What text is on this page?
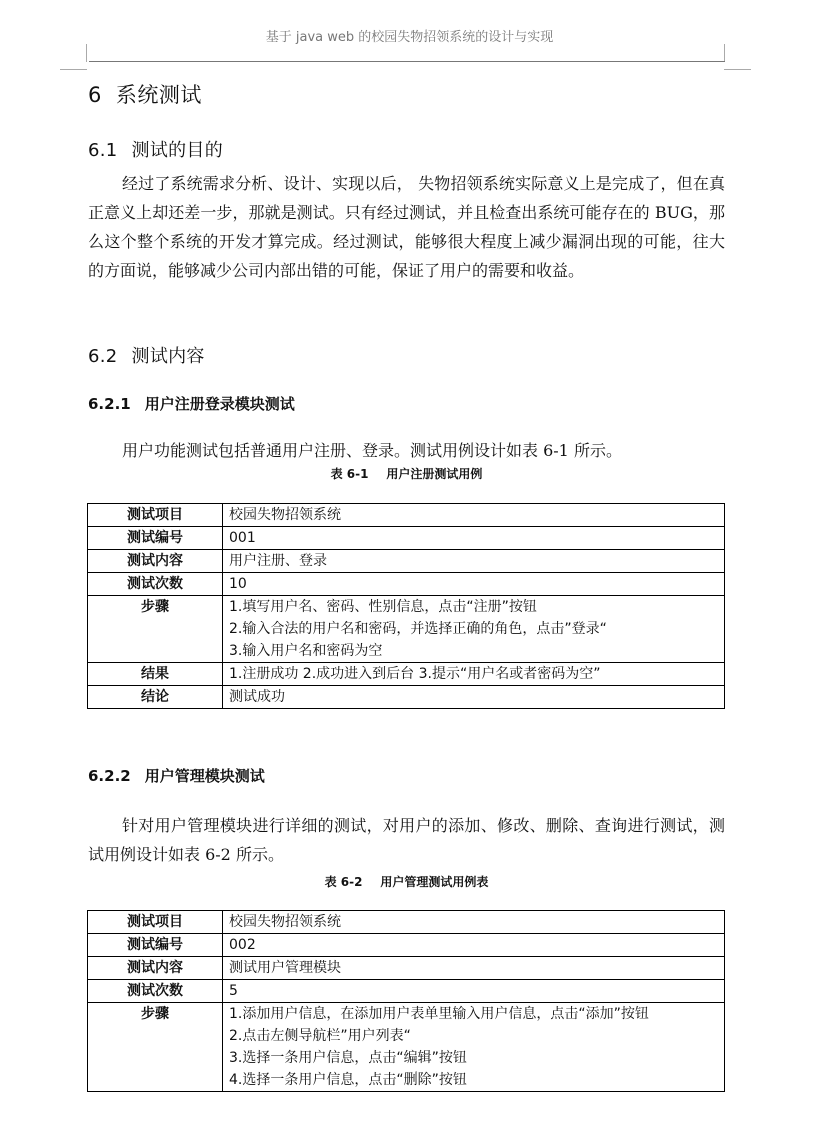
基于 java web 的校园失物招领系统的设计与实现
6 系统测试
6.1 测试的目的
经过了系统需求分析、设计、实现以后， 失物招领系统实际意义上是完成了，但在真正意义上却还差一步，那就是测试。只有经过测试，并且检查出系统可能存在的 BUG，那么这个整个系统的开发才算完成。经过测试，能够很大程度上减少漏洞出现的可能，往大的方面说，能够减少公司内部出错的可能，保证了用户的需要和收益。
6.2 测试内容
6.2.1 用户注册登录模块测试
用户功能测试包括普通用户注册、登录。测试用例设计如表 6-1 所示。
表 6-1 用户注册测试用例
测试项目	校园失物招领系统
测试编号	001
测试内容	用户注册、登录
测试次数	10
步骤	1.填写用户名、密码、性别信息，点击“注册”按钮
2.输入合法的用户名和密码，并选择正确的角色，点击”登录“
3.输入用户名和密码为空

结果	1.注册成功 2.成功进入到后台 3.提示“用户名或者密码为空”
结论	测试成功
6.2.2 用户管理模块测试
针对用户管理模块进行详细的测试，对用户的添加、修改、删除、查询进行测试，测试用例设计如表 6-2 所示。
表 6-2 用户管理测试用例表
测试项目	校园失物招领系统
测试编号	002
测试内容	测试用户管理模块
测试次数	5
步骤	1.添加用户信息，在添加用户表单里输入用户信息，点击“添加”按钮
2.点击左侧导航栏”用户列表“
3.选择一条用户信息，点击“编辑”按钮
4.选择一条用户信息，点击“删除”按钮
